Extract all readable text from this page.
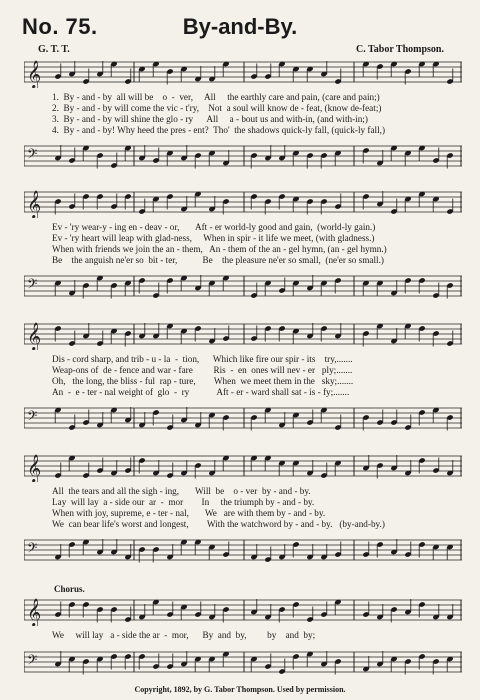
No. 75.	By-and-By.
G. T. T.	C. Tabor Thompson.
𝄞
1.  By - and - by  all will be    o  -  ver,     All     the earthly care and pain, (care and pain;)
2.  By - and - by will come the vic - t'ry,    Not  a soul will know de - feat, (know de-feat;)
3.  By - and - by will shine the glo - ry      All     a - bout us and with-in, (and with-in;)
4.  By - and - by! Why heed the pres - ent?  Tho'  the shadows quick-ly fall, (quick-ly fall,)
𝄢
𝄞
Ev - 'ry wear-y - ing en - deav - or,       Aft - er world-ly good and gain,  (world-ly gain.)
Ev - 'ry heart will leap with glad-ness,     When in spir - it life we meet, (with gladness.)
When with friends we join the an - them,   An - them of the an - gel hymn, (an - gel hymn.)
Be    the anguish ne'er so  bit - ter,           Be    the pleasure ne'er so small,  (ne'er so small.)
𝄢
𝄞
Dis - cord sharp, and trib - u - la  -  tion,      Which like fire our spir - its    try,.......
Weap-ons of  de - fence and war - fare         Ris  -  en  ones will nev - er   ply;.......
Oh,   the long, the bliss - ful  rap - ture,        When  we meet them in the   sky;.......
An  -  e - ter - nal weight of  glo  -  ry            Aft - er - ward shall sat - is - fy;.......
𝄢
𝄞
All  the tears and all the sigh - ing,       Will  be    o - ver  by - and - by.
Lay  will lay  a - side our  ar  -  mor        In     the triumph by - and - by.
When with joy, supreme, e - ter - nal,       We   are with them by - and - by.
We  can bear life's worst and longest,        With the watchword by - and - by.   (by-and-by.)
𝄢
Chorus.
𝄞
We     will lay   a - side the ar  -  mor,      By  and  by,         by    and  by;
𝄢
Copyright, 1892, by G. Tabor Thompson. Used by permission.
